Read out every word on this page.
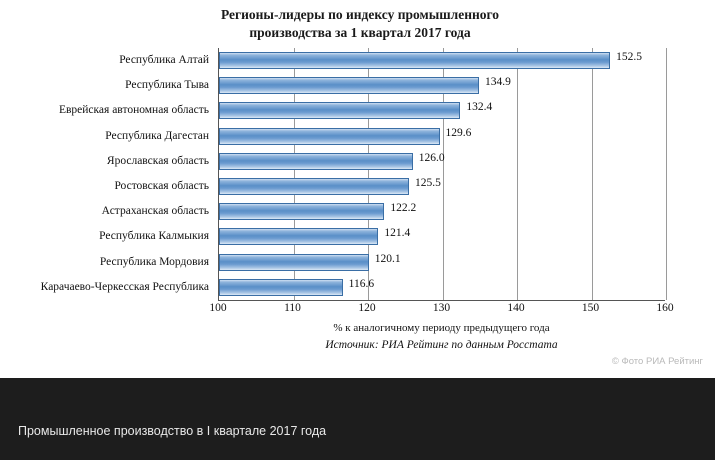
Регионы-лидеры по индексу промышленного
производства за 1 квартал 2017 года
Республика Алтай
Республика Тыва
Еврейская автономная область
Республика Дагестан
Ярославская область
Ростовская область
Астраханская область
Республика Калмыкия
Республика Мордовия
Карачаево-Черкесская Республика
152.5
134.9
132.4
129.6
126.0
125.5
122.2
121.4
120.1
116.6
100	110	120	130	140	150	160
% к аналогичному периоду предыдущего года
Источник: РИА Рейтинг по данным Росстата
© Фото РИА Рейтинг
Промышленное производство в I квартале 2017 года
